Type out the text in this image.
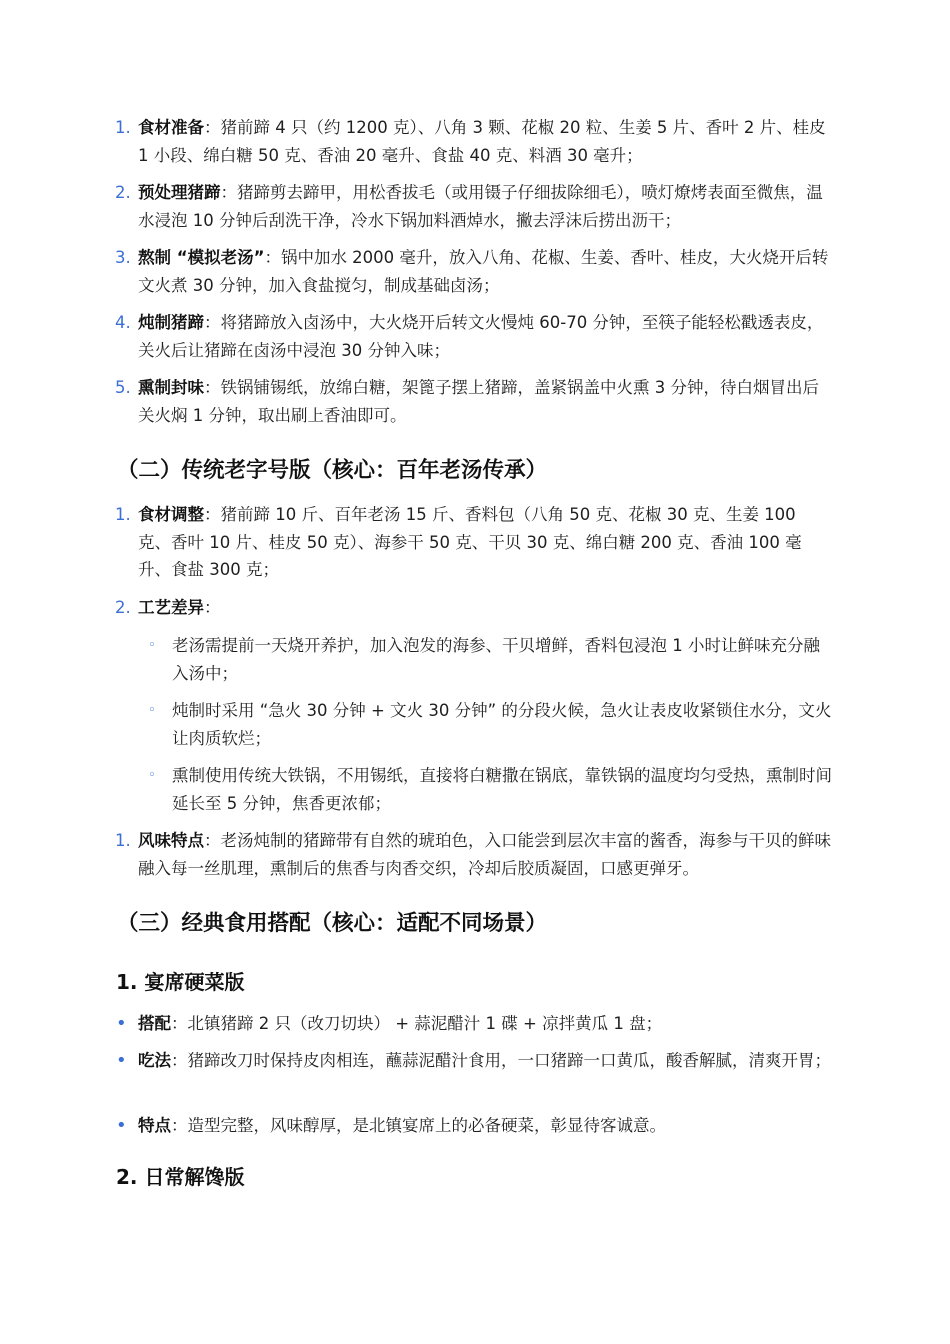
1. 食材准备：猪前蹄 4 只（约 1200 克）、八角 3 颗、花椒 20 粒、生姜 5 片、香叶 2 片、桂皮 1 小段、绵白糖 50 克、香油 20 毫升、食盐 40 克、料酒 30 毫升；
2. 预处理猪蹄：猪蹄剪去蹄甲，用松香拔毛（或用镊子仔细拔除细毛），喷灯燎烤表面至微焦，温水浸泡 10 分钟后刮洗干净，冷水下锅加料酒焯水，撇去浮沫后捞出沥干；
3. 熬制 “模拟老汤”：锅中加水 2000 毫升，放入八角、花椒、生姜、香叶、桂皮，大火烧开后转文火煮 30 分钟，加入食盐搅匀，制成基础卤汤；
4. 炖制猪蹄：将猪蹄放入卤汤中，大火烧开后转文火慢炖 60-70 分钟，至筷子能轻松戳透表皮，关火后让猪蹄在卤汤中浸泡 30 分钟入味；
5. 熏制封味：铁锅铺锡纸，放绵白糖，架篦子摆上猪蹄，盖紧锅盖中火熏 3 分钟，待白烟冒出后关火焖 1 分钟，取出刷上香油即可。
（二）传统老字号版（核心：百年老汤传承）
1. 食材调整：猪前蹄 10 斤、百年老汤 15 斤、香料包（八角 50 克、花椒 30 克、生姜 100 克、香叶 10 片、桂皮 50 克）、海参干 50 克、干贝 30 克、绵白糖 200 克、香油 100 毫升、食盐 300 克；
2. 工艺差异：
◦ 老汤需提前一天烧开养护，加入泡发的海参、干贝增鲜，香料包浸泡 1 小时让鲜味充分融入汤中；
◦ 炖制时采用 “急火 30 分钟 + 文火 30 分钟” 的分段火候，急火让表皮收紧锁住水分，文火让肉质软烂；
◦ 熏制使用传统大铁锅，不用锡纸，直接将白糖撒在锅底，靠铁锅的温度均匀受热，熏制时间延长至 5 分钟，焦香更浓郁；
1. 风味特点：老汤炖制的猪蹄带有自然的琥珀色，入口能尝到层次丰富的酱香，海参与干贝的鲜味融入每一丝肌理，熏制后的焦香与肉香交织，冷却后胶质凝固，口感更弹牙。
（三）经典食用搭配（核心：适配不同场景）
1. 宴席硬菜版
• 搭配：北镇猪蹄 2 只（改刀切块） + 蒜泥醋汁 1 碟 + 凉拌黄瓜 1 盘；
• 吃法：猪蹄改刀时保持皮肉相连，蘸蒜泥醋汁食用，一口猪蹄一口黄瓜，酸香解腻，清爽开胃；
• 特点：造型完整，风味醇厚，是北镇宴席上的必备硬菜，彰显待客诚意。
2. 日常解馋版
